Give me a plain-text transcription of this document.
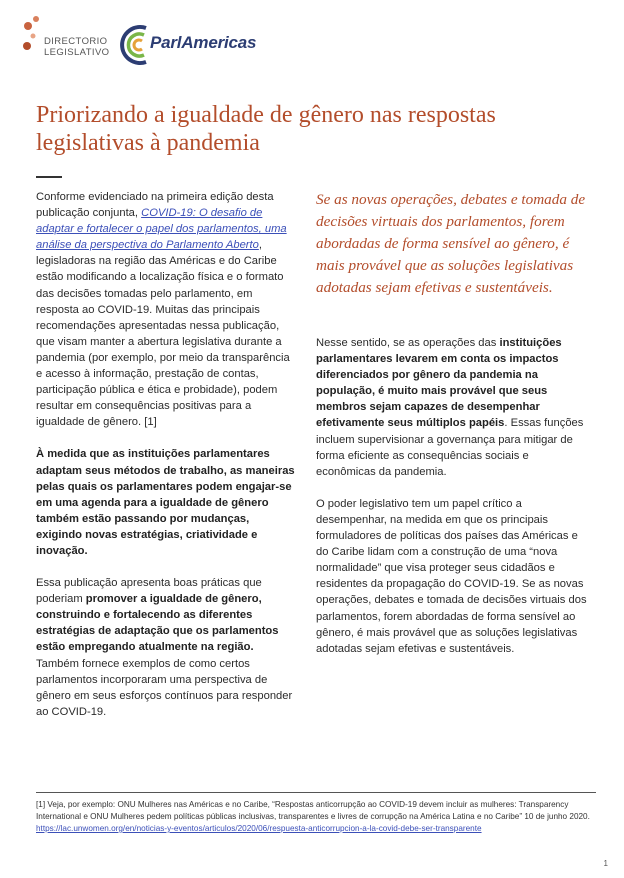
DIRECTORIO
LEGISLATIVO
ParlAmericas
Priorizando a igualdade de gênero nas respostas legislativas à pandemia

Conforme evidenciado na primeira edição desta publicação conjunta, COVID-19: O desafio de adaptar e fortalecer o papel dos parlamentos, uma análise da perspectiva do Parlamento Aberto, legisladoras na região das Américas e do Caribe estão modificando a localização física e o formato das decisões tomadas pelo parlamento, em resposta ao COVID-19. Muitas das principais recomendações apresentadas nessa publicação, que visam manter a abertura legislativa durante a pandemia (por exemplo, por meio da transparência e acesso à informação, prestação de contas, participação pública e ética e probidade), podem resultar em consequências positivas para a igualdade de gênero. [1]

À medida que as instituições parlamentares adaptam seus métodos de trabalho, as maneiras pelas quais os parlamentares podem engajar-se em uma agenda para a igualdade de gênero também estão passando por mudanças, exigindo novas estratégias, criatividade e inovação.

Essa publicação apresenta boas práticas que poderiam promover a igualdade de gênero, construindo e fortalecendo as diferentes estratégias de adaptação que os parlamentos estão empregando atualmente na região. Também fornece exemplos de como certos parlamentos incorporaram uma perspectiva de gênero em seus esforços contínuos para responder ao COVID-19.

Se as novas operações, debates e tomada de decisões virtuais dos parlamentos, forem abordadas de forma sensível ao gênero, é mais provável que as soluções legislativas adotadas sejam efetivas e sustentáveis.

Nesse sentido, se as operações das instituições parlamentares levarem em conta os impactos diferenciados por gênero da pandemia na população, é muito mais provável que seus membros sejam capazes de desempenhar efetivamente seus múltiplos papéis. Essas funções incluem supervisionar a governança para mitigar de forma eficiente as consequências sociais e econômicas da pandemia.

O poder legislativo tem um papel crítico a desempenhar, na medida em que os principais formuladores de políticas dos países das Américas e do Caribe lidam com a construção de uma “nova normalidade” que visa proteger seus cidadãos e residentes da propagação do COVID-19. Se as novas operações, debates e tomada de decisões virtuais dos parlamentos, forem abordadas de forma sensível ao gênero, é mais provável que as soluções legislativas adotadas sejam efetivas e sustentáveis.

[1] Veja, por exemplo: ONU Mulheres nas Américas e no Caribe, “Respostas anticorrupção ao COVID-19 devem incluir as mulheres: Transparency International e ONU Mulheres pedem políticas públicas inclusivas, transparentes e livres de corrupção na América Latina e no Caribe” 10 de junho 2020.
https://lac.unwomen.org/en/noticias-y-eventos/articulos/2020/06/respuesta-anticorrupcion-a-la-covid-debe-ser-transparente
1
